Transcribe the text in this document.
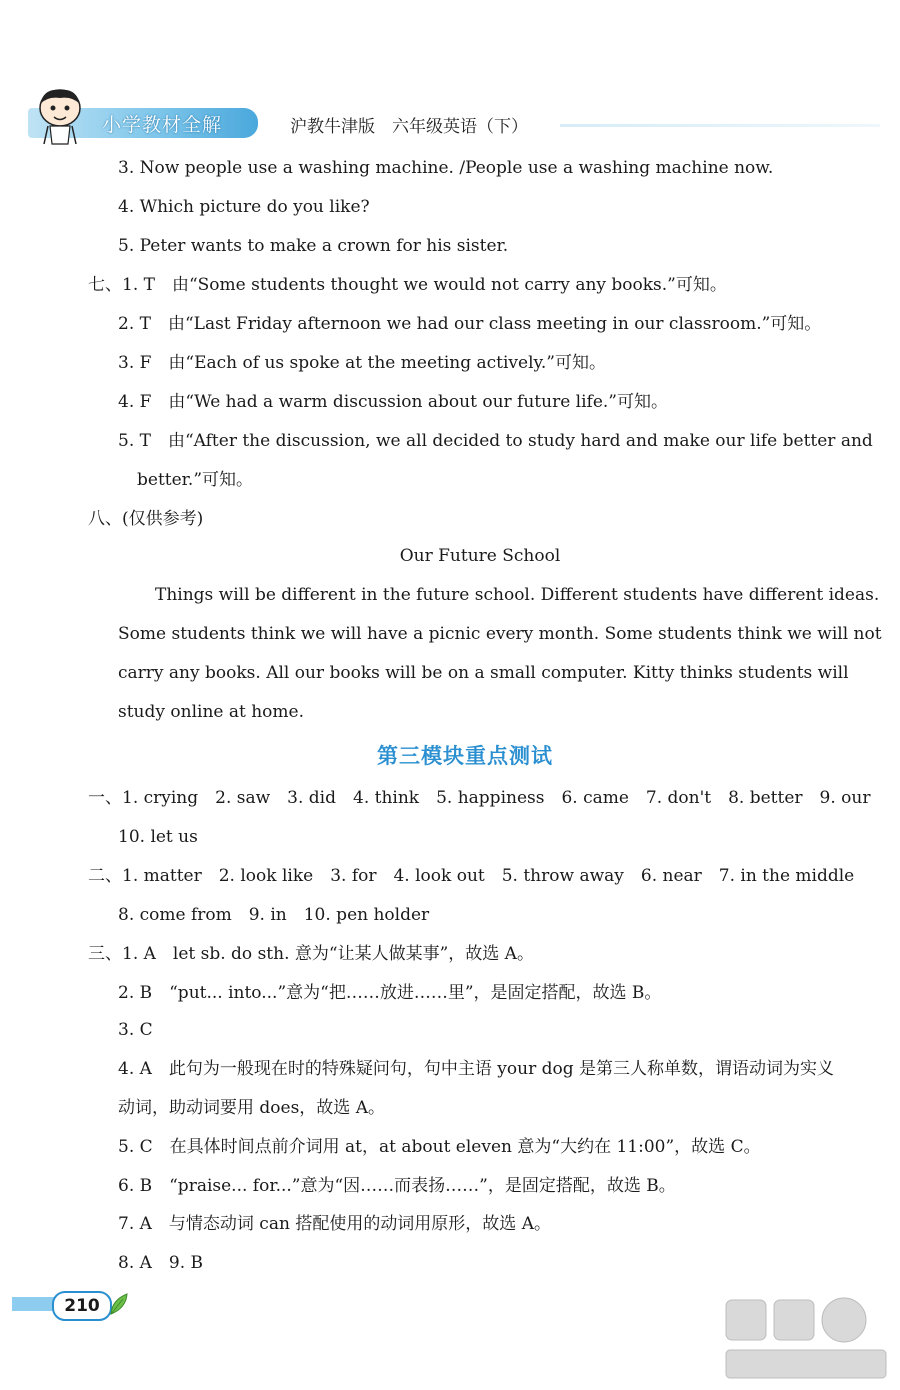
小学教材全解	沪教牛津版　六年级英语（下）
3. Now people use a washing machine. /People use a washing machine now.
4. Which picture do you like?
5. Peter wants to make a crown for his sister.
七、1. T　由“Some students thought we would not carry any books.”可知。
2. T　由“Last Friday afternoon we had our class meeting in our classroom.”可知。
3. F　由“Each of us spoke at the meeting actively.”可知。
4. F　由“We had a warm discussion about our future life.”可知。
5. T　由“After the discussion, we all decided to study hard and make our life better and
better.”可知。
八、(仅供参考)
Our Future School
Things will be different in the future school. Different students have different ideas.
Some students think we will have a picnic every month. Some students think we will not
carry any books. All our books will be on a small computer. Kitty thinks students will
study online at home.
第三模块重点测试
一、1. crying　2. saw　3. did　4. think　5. happiness　6. came　7. don't　8. better　9. our
10. let us
二、1. matter　2. look like　3. for　4. look out　5. throw away　6. near　7. in the middle
8. come from　9. in　10. pen holder
三、1. A　let sb. do sth. 意为“让某人做某事”，故选 A。
2. B　“put... into...”意为“把……放进……里”，是固定搭配，故选 B。
3. C
4. A　此句为一般现在时的特殊疑问句，句中主语 your dog 是第三人称单数，谓语动词为实义
动词，助动词要用 does，故选 A。
5. C　在具体时间点前介词用 at，at about eleven 意为“大约在 11:00”，故选 C。
6. B　“praise... for...”意为“因……而表扬……”，是固定搭配，故选 B。
7. A　与情态动词 can 搭配使用的动词用原形，故选 A。
8. A　9. B
210
